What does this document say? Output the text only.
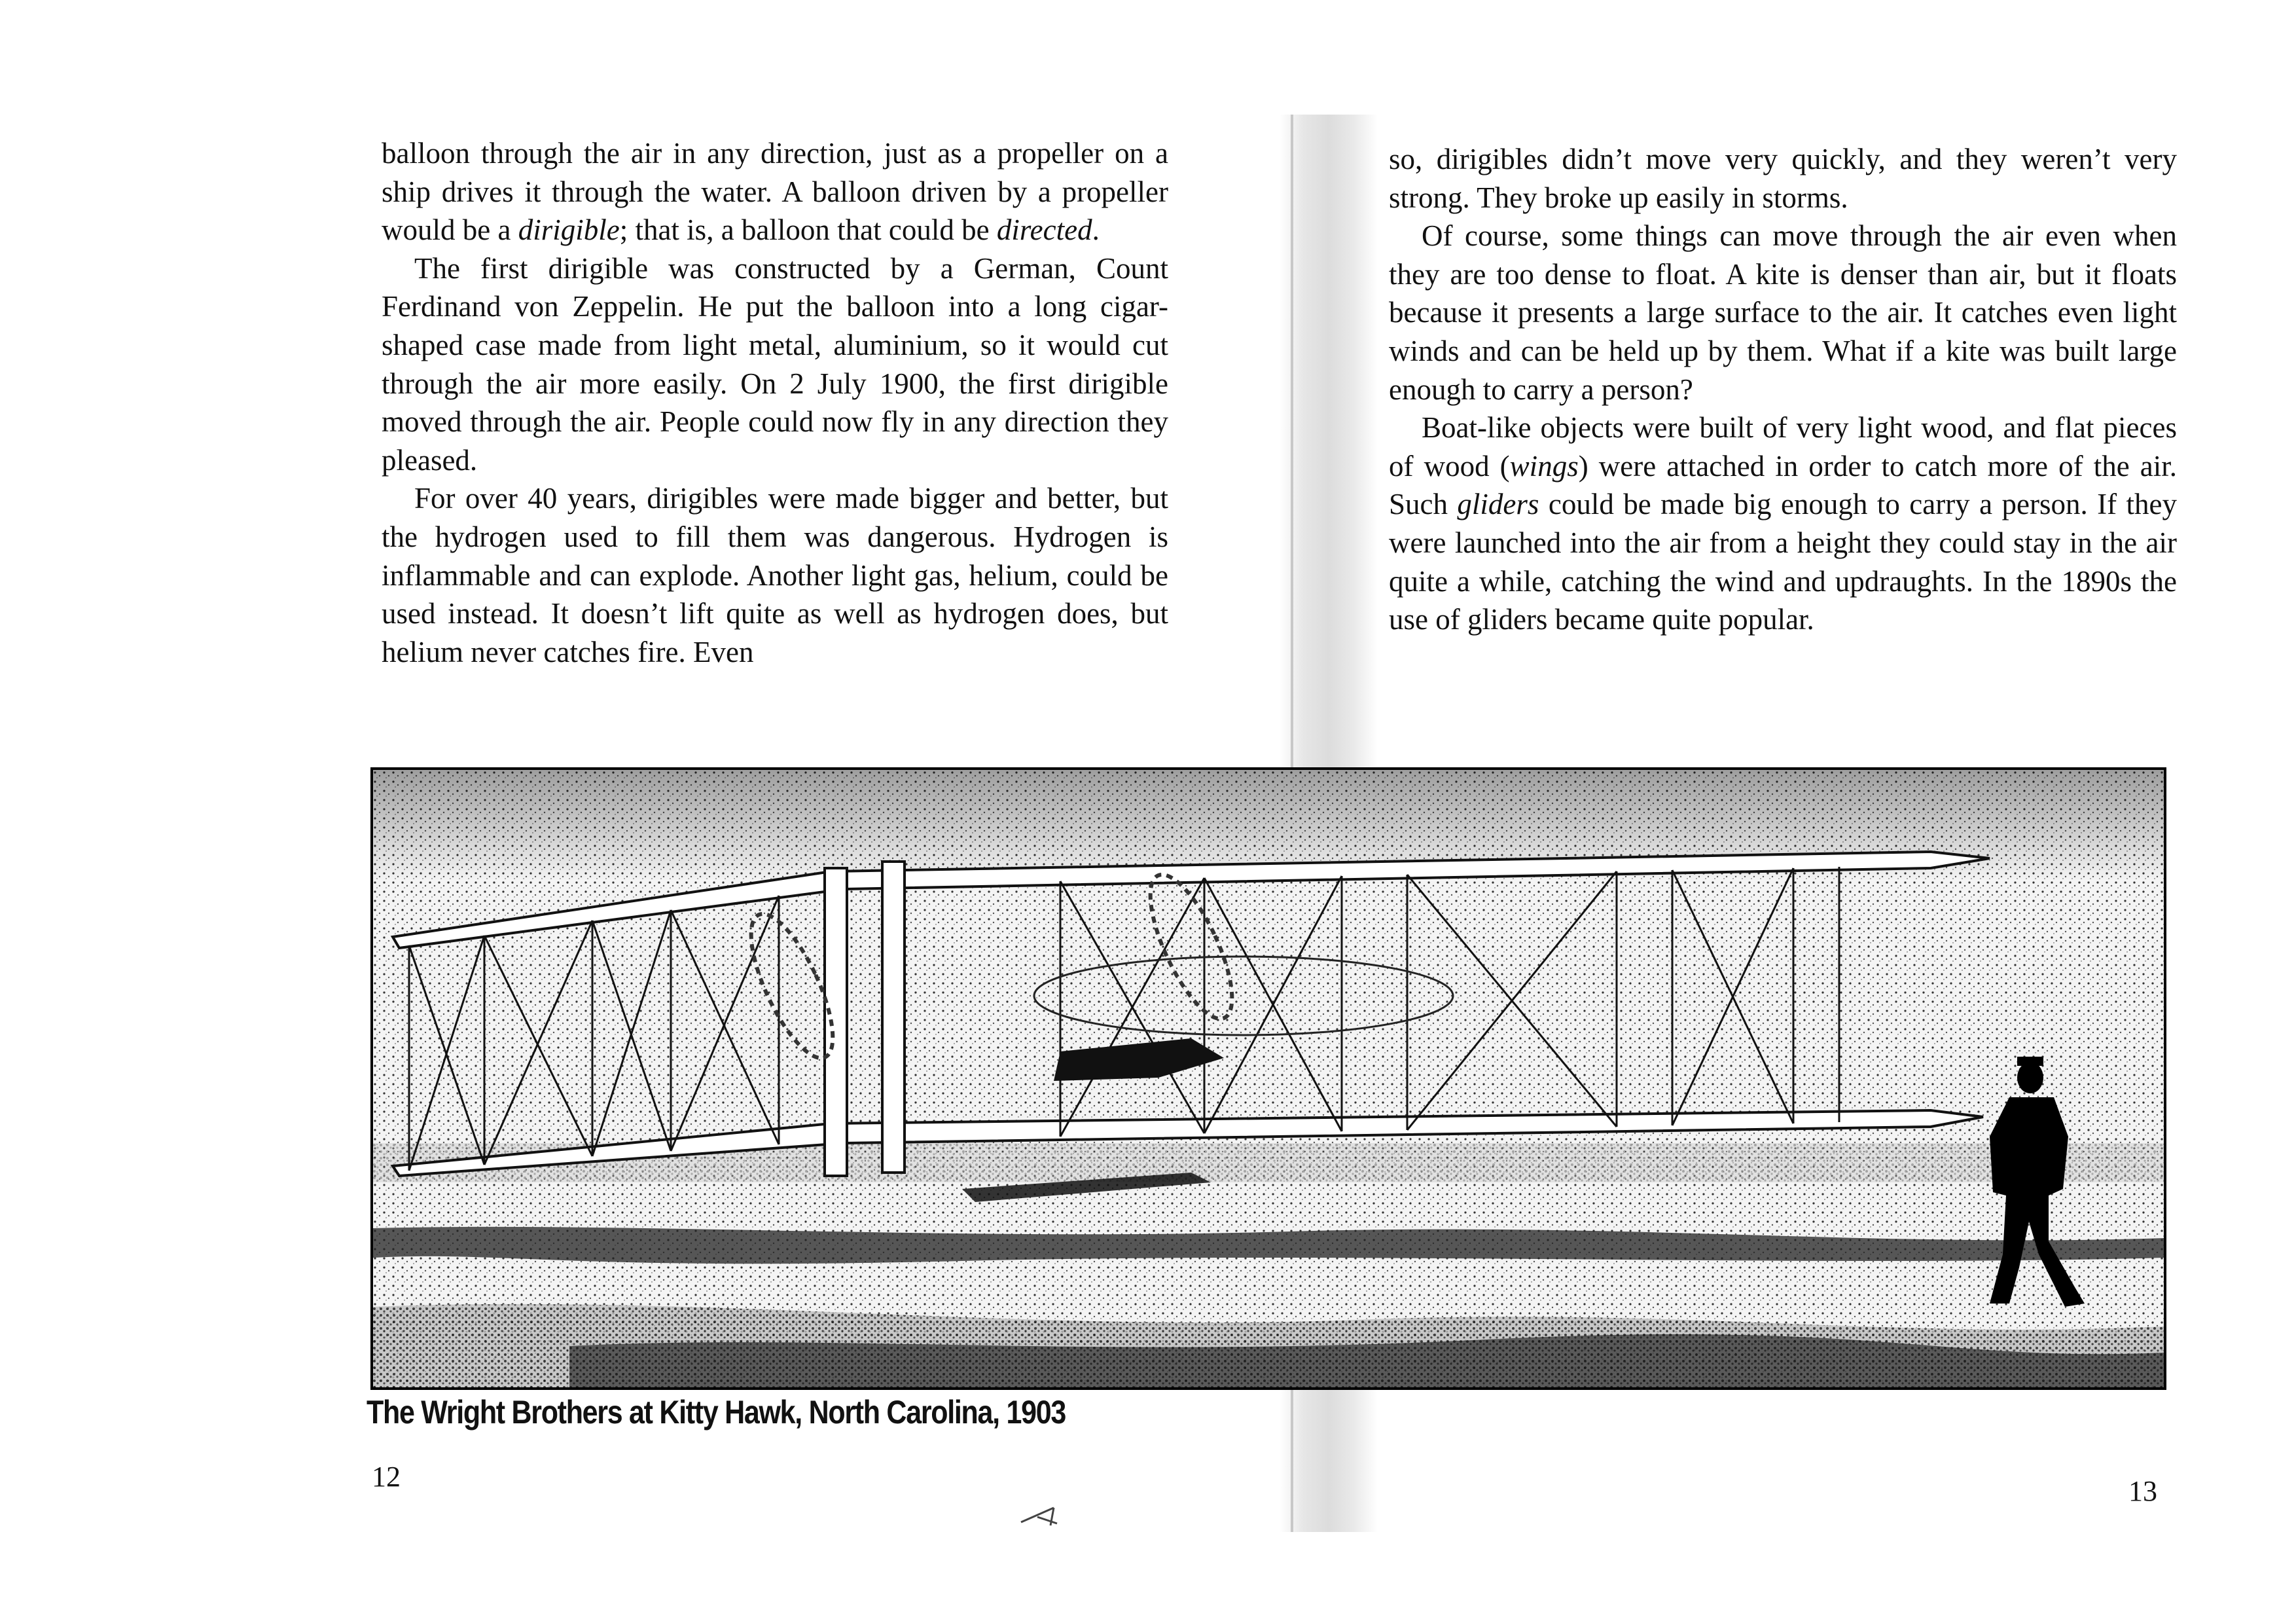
balloon through the air in any direction, just as a propeller on a ship drives it through the water. A balloon driven by a propeller would be a dirigible; that is, a balloon that could be directed.

The first dirigible was constructed by a German, Count Ferdinand von Zeppelin. He put the balloon into a long cigar-shaped case made from light metal, aluminium, so it would cut through the air more easily. On 2 July 1900, the first dirigible moved through the air. People could now fly in any direction they pleased.

For over 40 years, dirigibles were made bigger and better, but the hydrogen used to fill them was dangerous. Hydrogen is inflammable and can explode. Another light gas, helium, could be used instead. It doesn’t lift quite as well as hydrogen does, but helium never catches fire. Even

so, dirigibles didn’t move very quickly, and they weren’t very strong. They broke up easily in storms.

Of course, some things can move through the air even when they are too dense to float. A kite is denser than air, but it floats because it presents a large surface to the air. It catches even light winds and can be held up by them. What if a kite was built large enough to carry a person?

Boat-like objects were built of very light wood, and flat pieces of wood (wings) were attached in order to catch more of the air. Such gliders could be made big enough to carry a person. If they were launched into the air from a height they could stay in the air quite a while, catching the wind and updraughts. In the 1890s the use of gliders became quite popular.

The Wright Brothers at Kitty Hawk, North Carolina, 1903
12	13
